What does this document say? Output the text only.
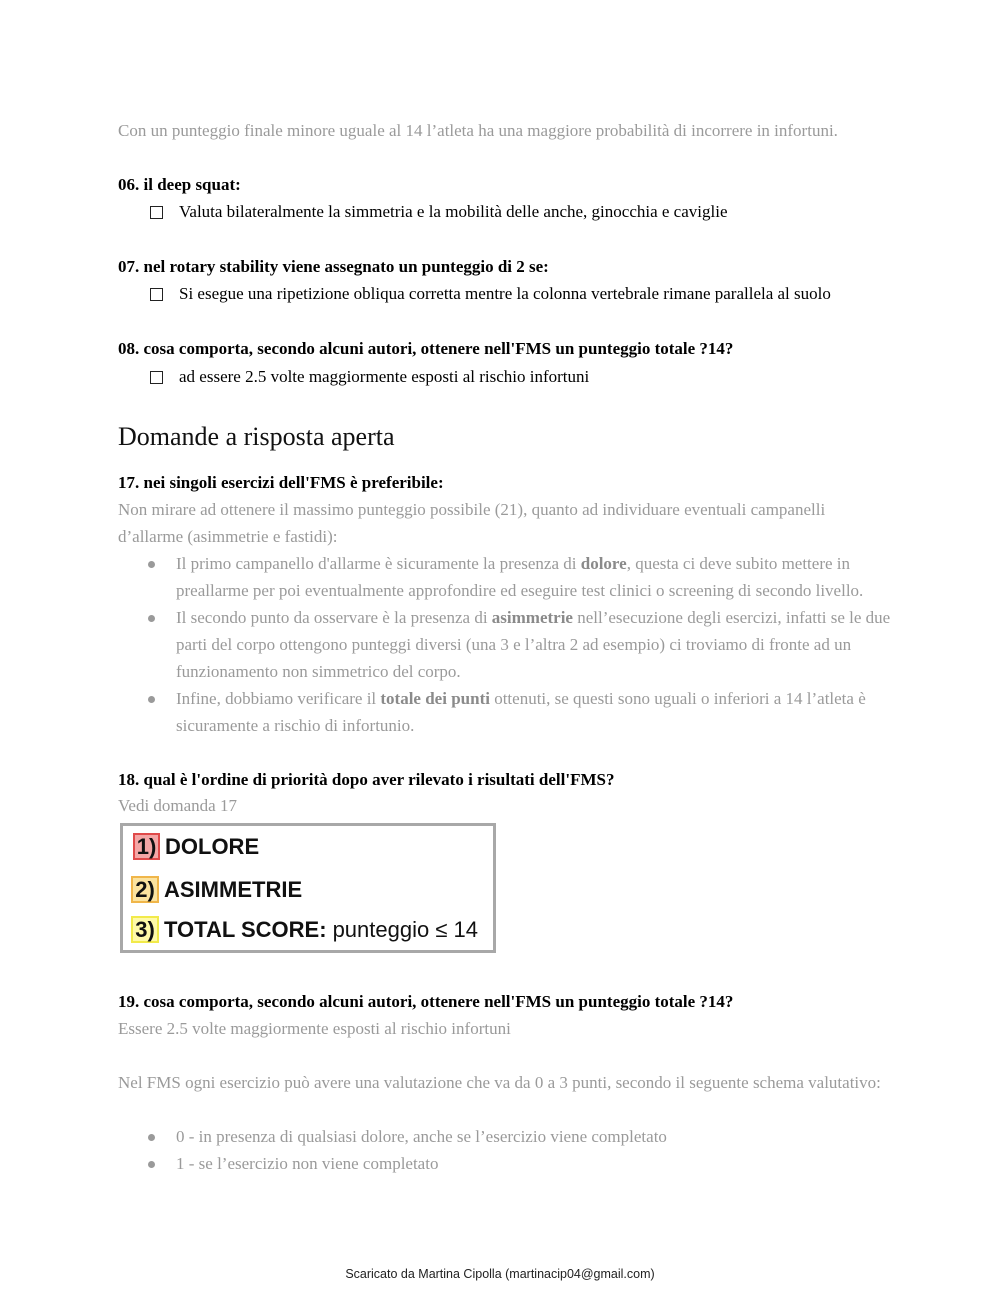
Con un punteggio finale minore uguale al 14 l’atleta ha una maggiore probabilità di incorrere in infortuni.
06. il deep squat:
Valuta bilateralmente la simmetria e la mobilità delle anche, ginocchia e caviglie
07. nel rotary stability viene assegnato un punteggio di 2 se:
Si esegue una ripetizione obliqua corretta mentre la colonna vertebrale rimane parallela al suolo
08. cosa comporta, secondo alcuni autori, ottenere nell'FMS un punteggio totale ?14?
ad essere 2.5 volte maggiormente esposti al rischio infortuni
Domande a risposta aperta
17. nei singoli esercizi dell'FMS è preferibile:
Non mirare ad ottenere il massimo punteggio possibile (21), quanto ad individuare eventuali campanelli
d’allarme (asimmetrie e fastidi):
Il primo campanello d'allarme è sicuramente la presenza di dolore, questa ci deve subito mettere in
preallarme per poi eventualmente approfondire ed eseguire test clinici o screening di secondo livello.
Il secondo punto da osservare è la presenza di asimmetrie nell’esecuzione degli esercizi, infatti se le due
parti del corpo ottengono punteggi diversi (una 3 e l’altra 2 ad esempio) ci troviamo di fronte ad un
funzionamento non simmetrico del corpo.
Infine, dobbiamo verificare il totale dei punti ottenuti, se questi sono uguali o inferiori a 14 l’atleta è
sicuramente a rischio di infortunio.
18. qual è l'ordine di priorità dopo aver rilevato i risultati dell'FMS?
Vedi domanda 17
1) DOLORE
2) ASIMMETRIE
3) TOTAL SCORE: punteggio ≤ 14
19. cosa comporta, secondo alcuni autori, ottenere nell'FMS un punteggio totale ?14?
Essere 2.5 volte maggiormente esposti al rischio infortuni
Nel FMS ogni esercizio può avere una valutazione che va da 0 a 3 punti, secondo il seguente schema valutativo:
0 - in presenza di qualsiasi dolore, anche se l’esercizio viene completato
1 - se l’esercizio non viene completato
Scaricato da Martina Cipolla (martinacip04@gmail.com)
